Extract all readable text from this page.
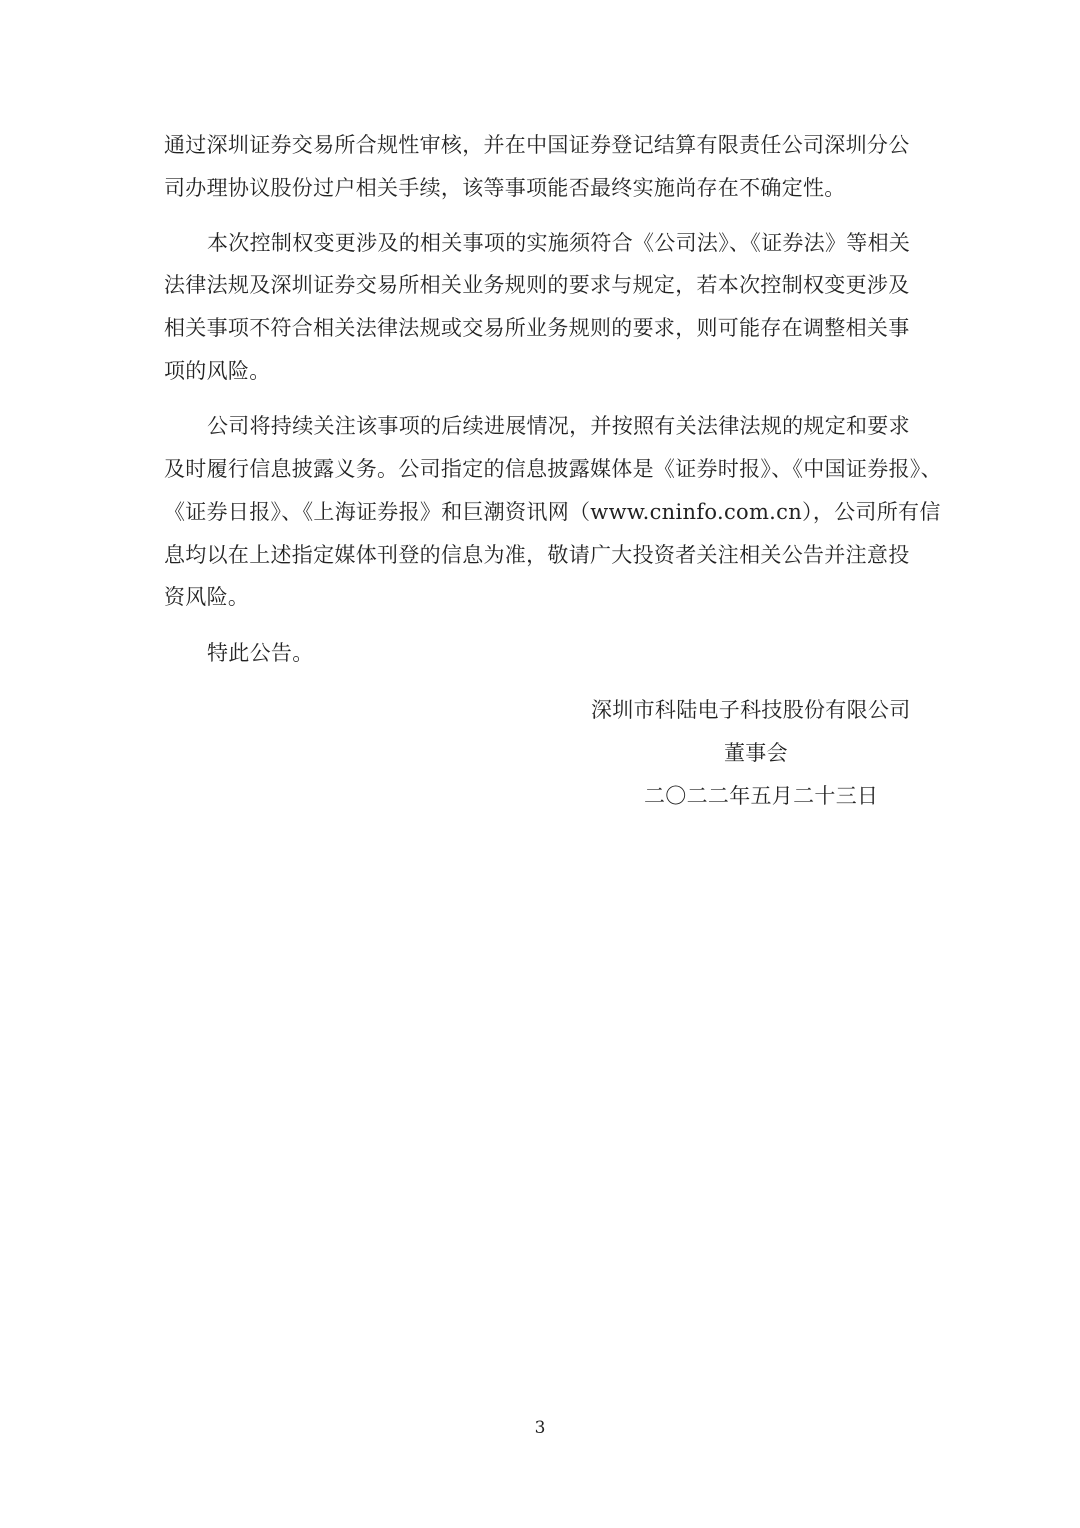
通过深圳证券交易所合规性审核，并在中国证券登记结算有限责任公司深圳分公
司办理协议股份过户相关手续，该等事项能否最终实施尚存在不确定性。
本次控制权变更涉及的相关事项的实施须符合《公司法》、《证券法》等相关
法律法规及深圳证券交易所相关业务规则的要求与规定，若本次控制权变更涉及
相关事项不符合相关法律法规或交易所业务规则的要求，则可能存在调整相关事
项的风险。
公司将持续关注该事项的后续进展情况，并按照有关法律法规的规定和要求
及时履行信息披露义务。公司指定的信息披露媒体是《证券时报》、《中国证券报》、
《证券日报》、《上海证券报》和巨潮资讯网（www.cninfo.com.cn），公司所有信
息均以在上述指定媒体刊登的信息为准，敬请广大投资者关注相关公告并注意投
资风险。
特此公告。
深圳市科陆电子科技股份有限公司
董事会
二〇二二年五月二十三日
3
